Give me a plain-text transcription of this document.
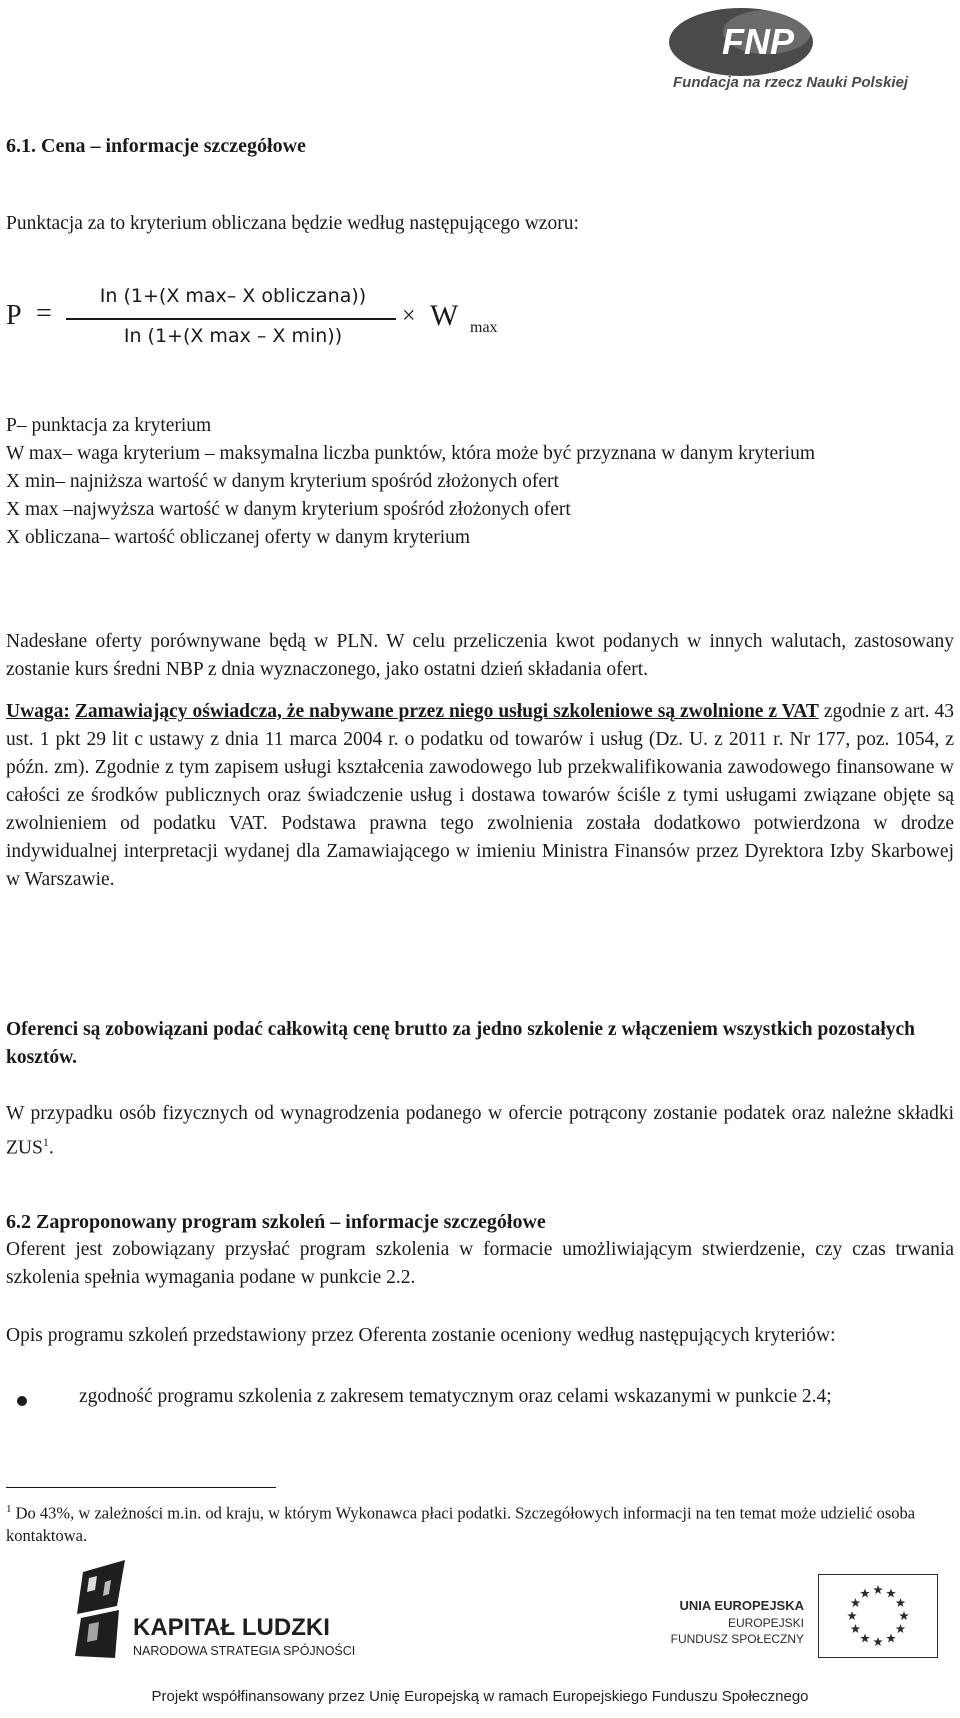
FNP
Fundacja na rzecz Nauki Polskiej
6.1. Cena – informacje szczegółowe
Punktacja za to kryterium obliczana będzie według następującego wzoru:
P =
In (1+(X max– X obliczana))
In (1+(X max – X min))
× W max
P– punktacja za kryterium
W max– waga kryterium – maksymalna liczba punktów, która może być przyznana w danym kryterium
X min– najniższa wartość w danym kryterium spośród złożonych ofert
X max –najwyższa wartość w danym kryterium spośród złożonych ofert
X obliczana– wartość obliczanej oferty w danym kryterium
Nadesłane oferty porównywane będą w PLN. W celu przeliczenia kwot podanych w innych walutach, zastosowany zostanie kurs średni NBP z dnia wyznaczonego, jako ostatni dzień składania ofert.
Uwaga: Zamawiający oświadcza, że nabywane przez niego usługi szkoleniowe są zwolnione z VAT zgodnie z art. 43 ust. 1 pkt 29 lit c ustawy z dnia 11 marca 2004 r. o podatku od towarów i usług (Dz. U. z 2011 r. Nr 177, poz. 1054, z późn. zm). Zgodnie z tym zapisem usługi kształcenia zawodowego lub przekwalifikowania zawodowego finansowane w całości ze środków publicznych oraz świadczenie usług i dostawa towarów ściśle z tymi usługami związane objęte są zwolnieniem od podatku VAT. Podstawa prawna tego zwolnienia została dodatkowo potwierdzona w drodze indywidualnej interpretacji wydanej dla Zamawiającego w imieniu Ministra Finansów przez Dyrektora Izby Skarbowej w Warszawie.
Oferenci są zobowiązani podać całkowitą cenę brutto za jedno szkolenie z włączeniem wszystkich pozostałych kosztów.
W przypadku osób fizycznych od wynagrodzenia podanego w ofercie potrącony zostanie podatek oraz należne składki ZUS$^1$.
6.2 Zaproponowany program szkoleń – informacje szczegółowe
Oferent jest zobowiązany przysłać program szkolenia w formacie umożliwiającym stwierdzenie, czy czas trwania szkolenia spełnia wymagania podane w punkcie 2.2.
Opis programu szkoleń przedstawiony przez Oferenta zostanie oceniony według następujących kryteriów:
zgodność programu szkolenia z zakresem tematycznym oraz celami wskazanymi w punkcie 2.4;
$^1$ Do 43%, w zależności m.in. od kraju, w którym Wykonawca płaci podatki. Szczegółowych informacji na ten temat może udzielić osoba kontaktowa.
KAPITAŁ LUDZKI
NARODOWA STRATEGIA SPÓJNOŚCI
UNIA EUROPEJSKA
EUROPEJSKI
FUNDUSZ SPOŁECZNY
Projekt współfinansowany przez Unię Europejską w ramach Europejskiego Funduszu Społecznego
